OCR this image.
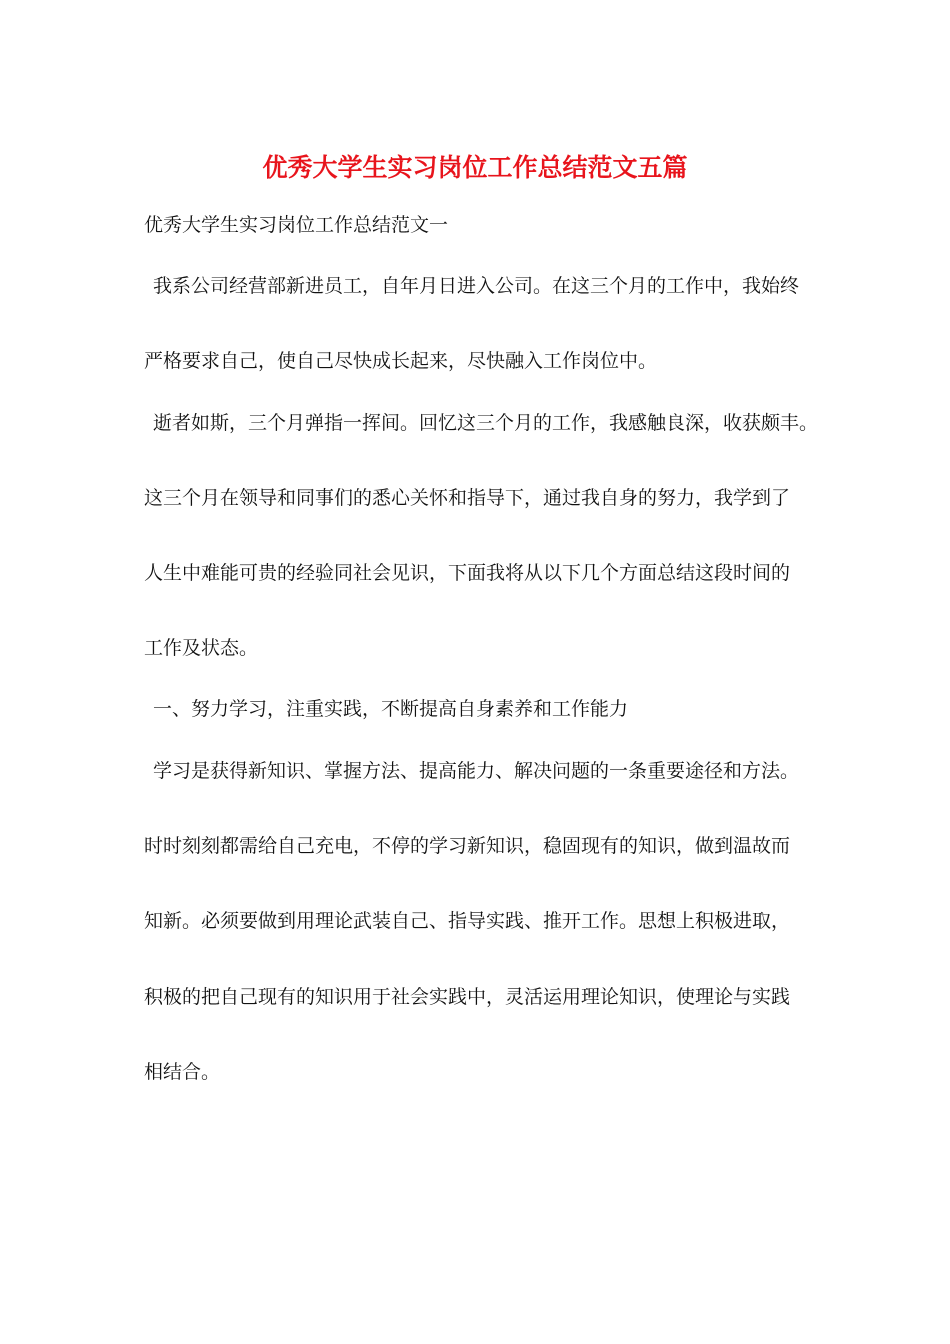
优秀大学生实习岗位工作总结范文五篇
优秀大学生实习岗位工作总结范文一
我系公司经营部新进员工，自年月日进入公司。在这三个月的工作中，我始终
严格要求自己，使自己尽快成长起来，尽快融入工作岗位中。
逝者如斯，三个月弹指一挥间。回忆这三个月的工作，我感触良深，收获颇丰。
这三个月在领导和同事们的悉心关怀和指导下，通过我自身的努力，我学到了
人生中难能可贵的经验同社会见识，下面我将从以下几个方面总结这段时间的
工作及状态。
一、努力学习，注重实践，不断提高自身素养和工作能力
学习是获得新知识、掌握方法、提高能力、解决问题的一条重要途径和方法。
时时刻刻都需给自己充电，不停的学习新知识，稳固现有的知识，做到温故而
知新。必须要做到用理论武装自己、指导实践、推开工作。思想上积极进取，
积极的把自己现有的知识用于社会实践中，灵活运用理论知识，使理论与实践
相结合。
